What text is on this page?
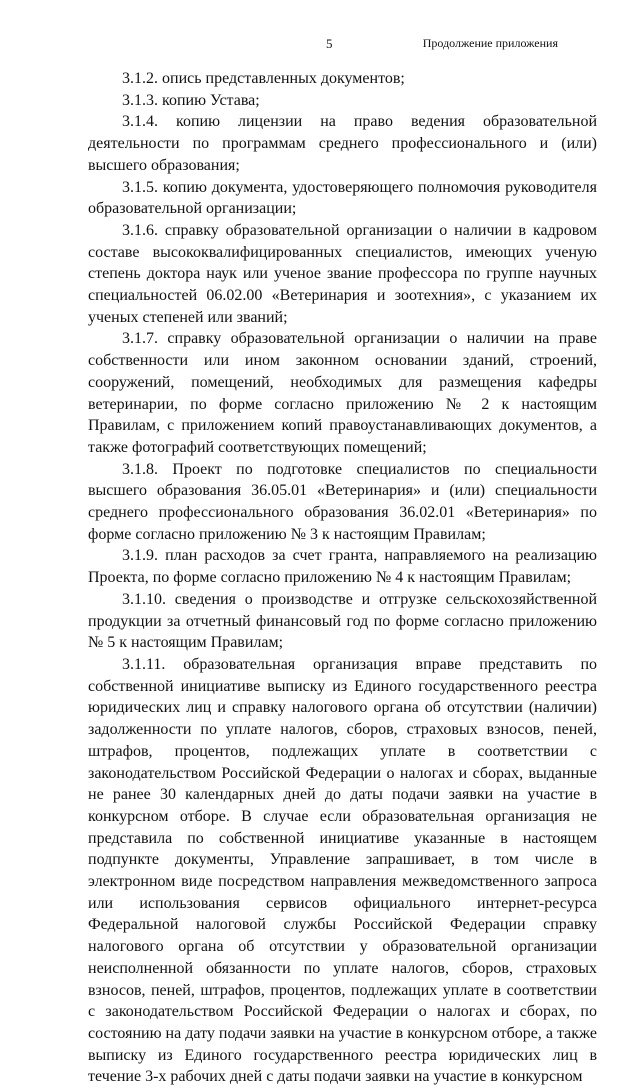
5	Продолжение приложения

3.1.2. опись представленных документов;

3.1.3. копию Устава;

3.1.4. копию лицензии на право ведения образовательной деятельности по программам среднего профессионального и (или) высшего образования;

3.1.5. копию документа, удостоверяющего полномочия руководителя образовательной организации;

3.1.6. справку образовательной организации о наличии в кадровом составе высококвалифицированных специалистов, имеющих ученую степень доктора наук или ученое звание профессора по группе научных специальностей 06.02.00 «Ветеринария и зоотехния», с указанием их ученых степеней или званий;

3.1.7. справку образовательной организации о наличии на праве собственности или ином законном основании зданий, строений, сооружений, помещений, необходимых для размещения кафедры ветеринарии, по форме согласно приложению № 2 к настоящим Правилам, с приложением копий правоустанавливающих документов, а также фотографий соответствующих помещений;

3.1.8. Проект по подготовке специалистов по специальности высшего образования 36.05.01 «Ветеринария» и (или) специальности среднего профессионального образования 36.02.01 «Ветеринария» по форме согласно приложению № 3 к настоящим Правилам;

3.1.9. план расходов за счет гранта, направляемого на реализацию Проекта, по форме согласно приложению № 4 к настоящим Правилам;

3.1.10. сведения о производстве и отгрузке сельскохозяйственной продукции за отчетный финансовый год по форме согласно приложению № 5 к настоящим Правилам;

3.1.11. образовательная организация вправе представить по собственной инициативе выписку из Единого государственного реестра юридических лиц и справку налогового органа об отсутствии (наличии) задолженности по уплате налогов, сборов, страховых взносов, пеней, штрафов, процентов, подлежащих уплате в соответствии с законодательством Российской Федерации о налогах и сборах, выданные не ранее 30 календарных дней до даты подачи заявки на участие в конкурсном отборе. В случае если образовательная организация не представила по собственной инициативе указанные в настоящем подпункте документы, Управление запрашивает, в том числе в электронном виде посредством направления межведомственного запроса или использования сервисов официального интернет-ресурса Федеральной налоговой службы Российской Федерации справку налогового органа об отсутствии у образовательной организации неисполненной обязанности по уплате налогов, сборов, страховых взносов, пеней, штрафов, процентов, подлежащих уплате в соответствии с законодательством Российской Федерации о налогах и сборах, по состоянию на дату подачи заявки на участие в конкурсном отборе, а также выписку из Единого государственного реестра юридических лиц в течение 3-х рабочих дней с даты подачи заявки на участие в конкурсном
